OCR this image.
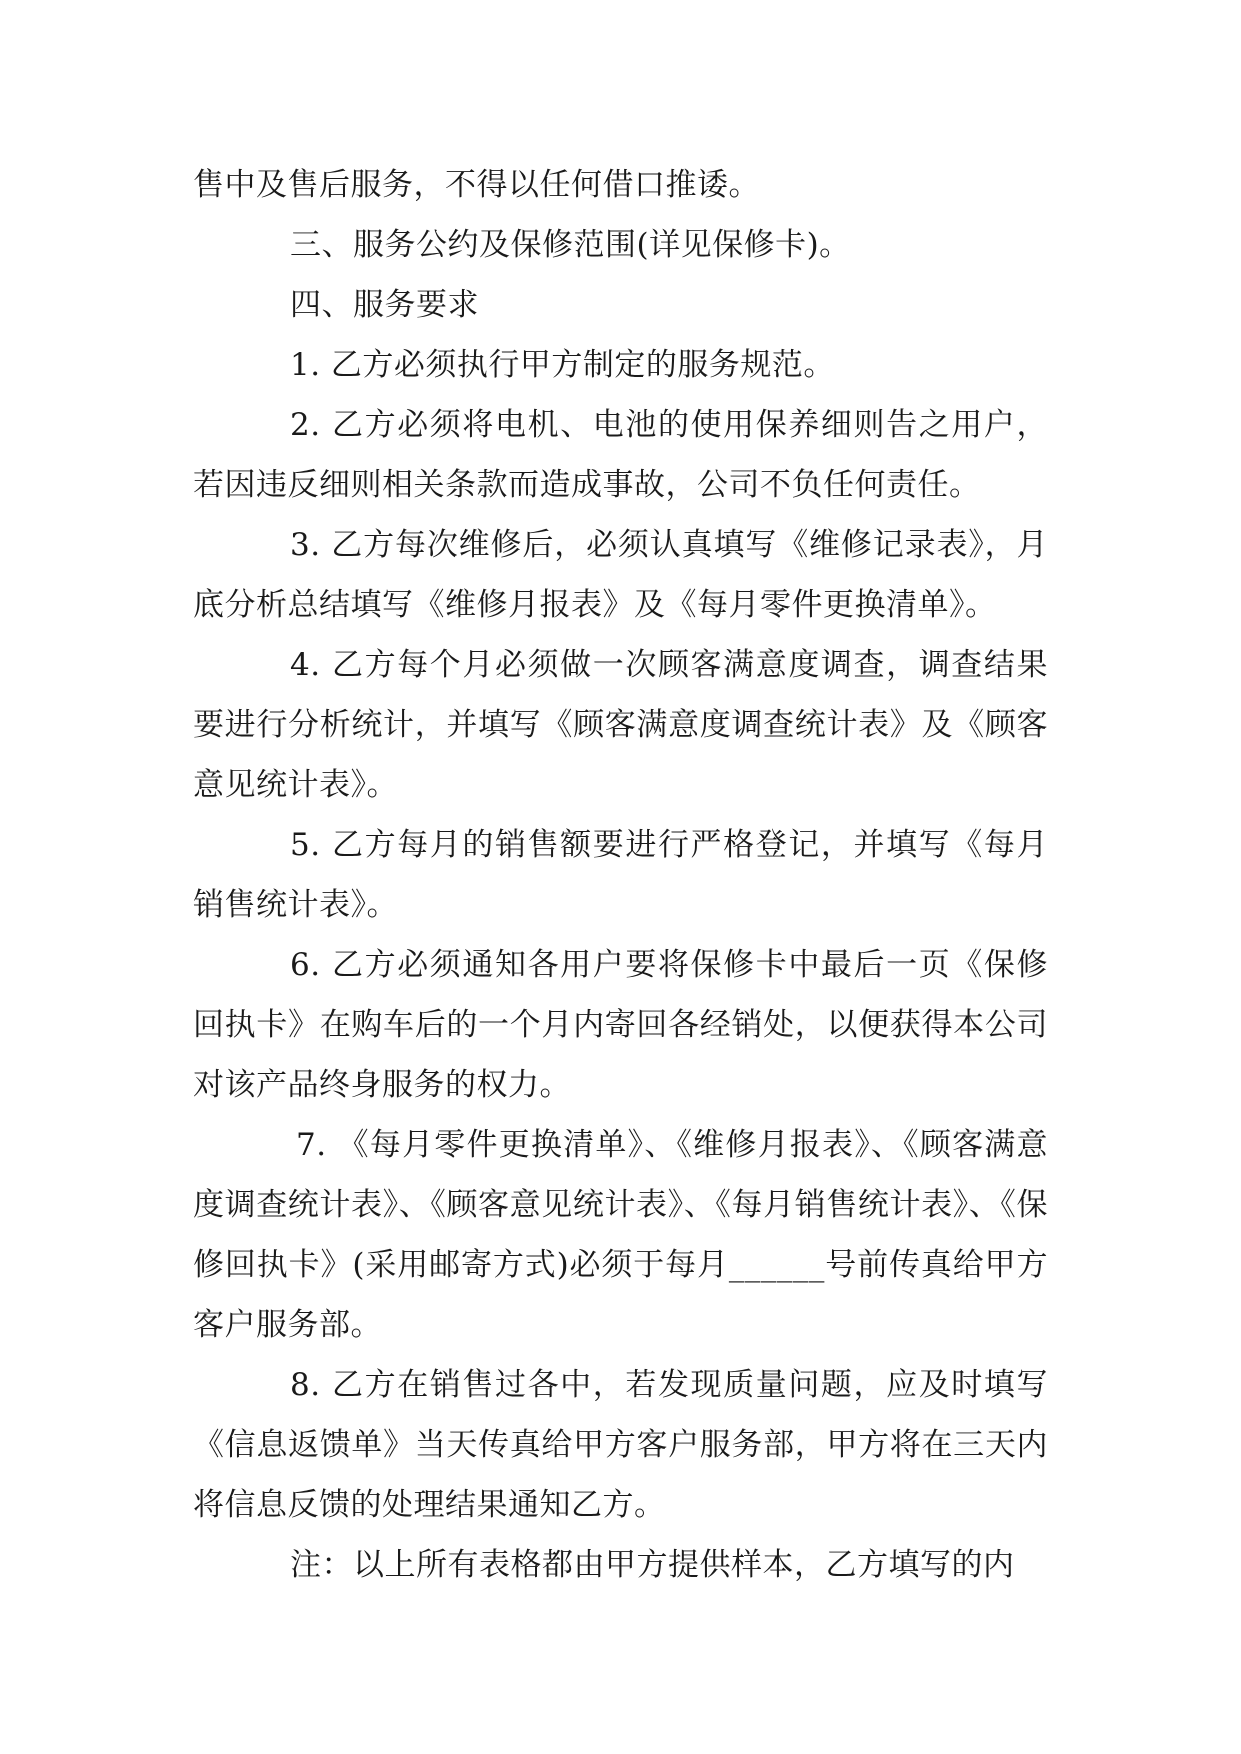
售中及售后服务，不得以任何借口推诿。

三、服务公约及保修范围(详见保修卡)。

四、服务要求

1. 乙方必须执行甲方制定的服务规范。

2. 乙方必须将电机、电池的使用保养细则告之用户，若因违反细则相关条款而造成事故，公司不负任何责任。

3. 乙方每次维修后，必须认真填写《维修记录表》，月底分析总结填写《维修月报表》及《每月零件更换清单》。

4. 乙方每个月必须做一次顾客满意度调查，调查结果要进行分析统计，并填写《顾客满意度调查统计表》及《顾客意见统计表》。

5. 乙方每月的销售额要进行严格登记，并填写《每月销售统计表》。

6. 乙方必须通知各用户要将保修卡中最后一页《保修回执卡》在购车后的一个月内寄回各经销处，以便获得本公司对该产品终身服务的权力。

7. 《每月零件更换清单》、《维修月报表》、《顾客满意度调查统计表》、《顾客意见统计表》、《每月销售统计表》、《保修回执卡》(采用邮寄方式)必须于每月______号前传真给甲方客户服务部。

8. 乙方在销售过各中，若发现质量问题，应及时填写《信息返馈单》当天传真给甲方客户服务部，甲方将在三天内将信息反馈的处理结果通知乙方。

注：以上所有表格都由甲方提供样本，乙方填写的内
